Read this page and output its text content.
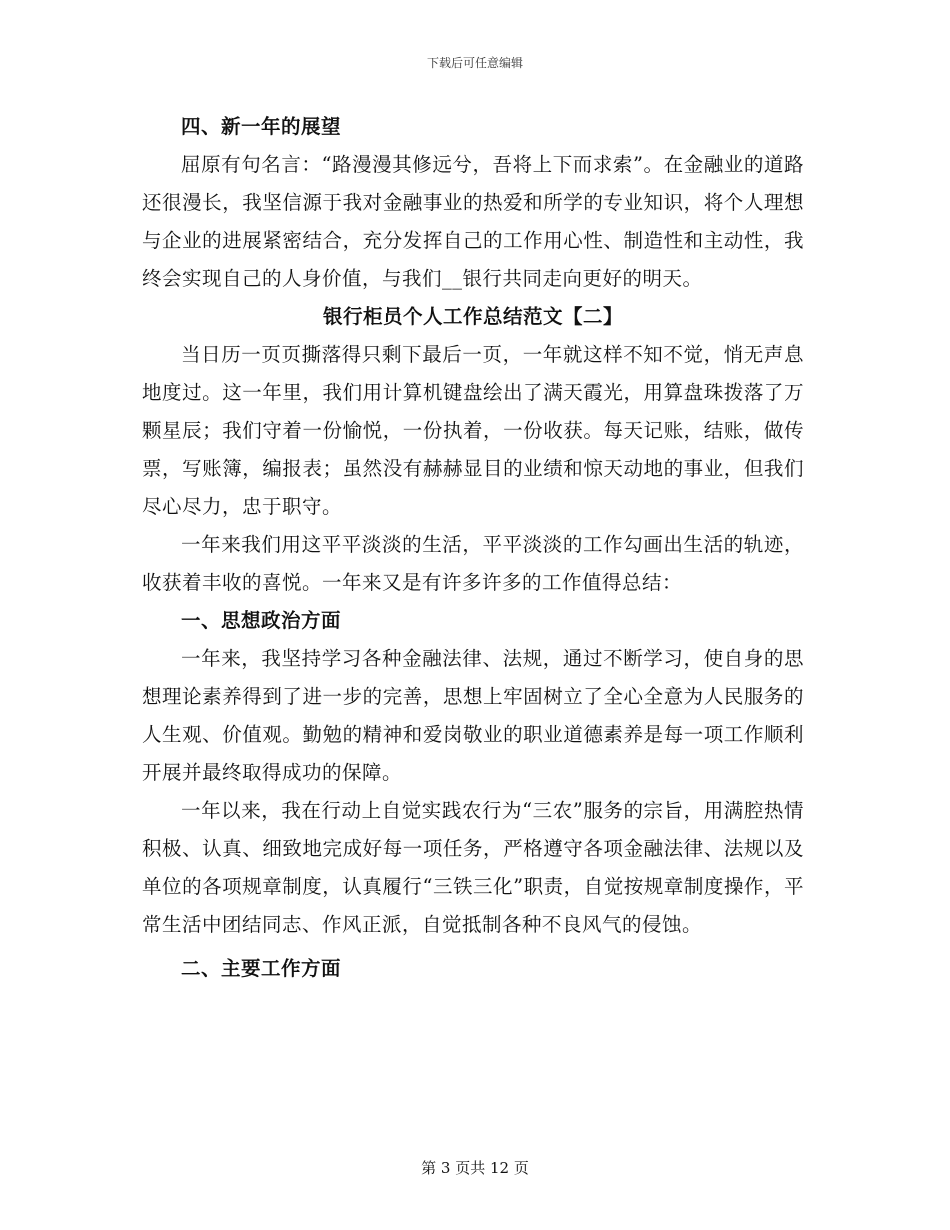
下载后可任意编辑

四、新一年的展望

屈原有句名言：“路漫漫其修远兮，吾将上下而求索”。在金融业的道路还很漫长，我坚信源于我对金融事业的热爱和所学的专业知识，将个人理想与企业的进展紧密结合，充分发挥自己的工作用心性、制造性和主动性，我终会实现自己的人身价值，与我们__银行共同走向更好的明天。

银行柜员个人工作总结范文【二】

当日历一页页撕落得只剩下最后一页，一年就这样不知不觉，悄无声息地度过。这一年里，我们用计算机键盘绘出了满天霞光，用算盘珠拨落了万颗星辰；我们守着一份愉悦，一份执着，一份收获。每天记账，结账，做传票，写账簿，编报表；虽然没有赫赫显目的业绩和惊天动地的事业，但我们尽心尽力，忠于职守。

一年来我们用这平平淡淡的生活，平平淡淡的工作勾画出生活的轨迹，收获着丰收的喜悦。一年来又是有许多许多的工作值得总结：

一、思想政治方面

一年来，我坚持学习各种金融法律、法规，通过不断学习，使自身的思想理论素养得到了进一步的完善，思想上牢固树立了全心全意为人民服务的人生观、价值观。勤勉的精神和爱岗敬业的职业道德素养是每一项工作顺利开展并最终取得成功的保障。

一年以来，我在行动上自觉实践农行为“三农”服务的宗旨，用满腔热情积极、认真、细致地完成好每一项任务，严格遵守各项金融法律、法规以及单位的各项规章制度，认真履行“三铁三化”职责，自觉按规章制度操作，平常生活中团结同志、作风正派，自觉抵制各种不良风气的侵蚀。

二、主要工作方面

第 3 页共 12 页
